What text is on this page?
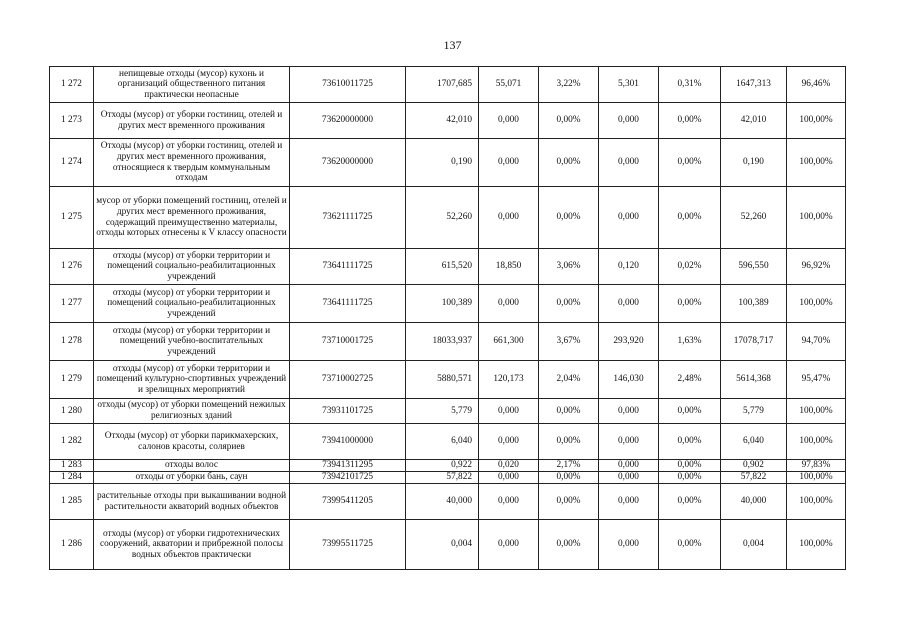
137
1 272	непищевые отходы (мусор) кухонь и организаций общественного питания практически неопасные	73610011725	1707,685	55,071	3,22%	5,301	0,31%	1647,313	96,46%
1 273	Отходы (мусор) от уборки гостиниц, отелей и других мест временного проживания	73620000000	42,010	0,000	0,00%	0,000	0,00%	42,010	100,00%
1 274	Отходы (мусор) от уборки гостиниц, отелей и других мест временного проживания, относящиеся к твердым коммунальным отходам	73620000000	0,190	0,000	0,00%	0,000	0,00%	0,190	100,00%
1 275	мусор от уборки помещений гостиниц, отелей и других мест временного проживания, содержащий преимущественно материалы, отходы которых отнесены к V классу опасности	73621111725	52,260	0,000	0,00%	0,000	0,00%	52,260	100,00%
1 276	отходы (мусор) от уборки территории и помещений социально-реабилитационных учреждений	73641111725	615,520	18,850	3,06%	0,120	0,02%	596,550	96,92%
1 277	отходы (мусор) от уборки территории и помещений социально-реабилитационных учреждений	73641111725	100,389	0,000	0,00%	0,000	0,00%	100,389	100,00%
1 278	отходы (мусор) от уборки территории и помещений учебно-воспитательных учреждений	73710001725	18033,937	661,300	3,67%	293,920	1,63%	17078,717	94,70%
1 279	отходы (мусор) от уборки территории и помещений культурно-спортивных учреждений и зрелищных мероприятий	73710002725	5880,571	120,173	2,04%	146,030	2,48%	5614,368	95,47%
1 280	отходы (мусор) от уборки помещений нежилых религиозных зданий	73931101725	5,779	0,000	0,00%	0,000	0,00%	5,779	100,00%
1 282	Отходы (мусор) от уборки парикмахерских, салонов красоты, соляриев	73941000000	6,040	0,000	0,00%	0,000	0,00%	6,040	100,00%
1 283	отходы волос	73941311295	0,922	0,020	2,17%	0,000	0,00%	0,902	97,83%
1 284	отходы от уборки бань, саун	73942101725	57,822	0,000	0,00%	0,000	0,00%	57,822	100,00%
1 285	растительные отходы при выкашивании водной растительности акваторий водных объектов	73995411205	40,000	0,000	0,00%	0,000	0,00%	40,000	100,00%
1 286	отходы (мусор) от уборки гидротехнических сооружений, акватории и прибрежной полосы водных объектов практически	73995511725	0,004	0,000	0,00%	0,000	0,00%	0,004	100,00%
